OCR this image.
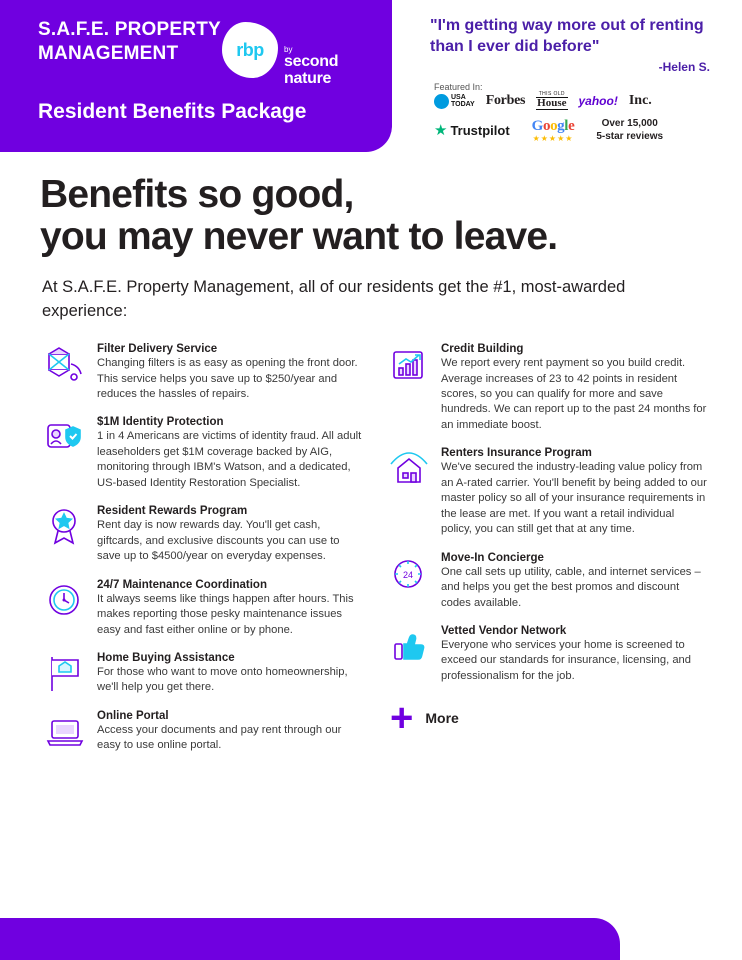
S.A.F.E. PROPERTY MANAGEMENT	rbp	by
second nature
Resident Benefits Package
"I'm getting way more out of renting than I ever did before"
-Helen S.
Featured In:
USA
TODAY Forbes	THIS OLD
House yahoo! Inc.
★ Trustpilot Google
★★★★★
Over 15,000
5-star reviews
Benefits so good,
you may never want to leave.
At S.A.F.E. Property Management, all of our residents get the #1, most-awarded experience:
Filter Delivery Service
Changing filters is as easy as opening the front door. This service helps you save up to $250/year and reduces the hassles of repairs.
$1M Identity Protection
1 in 4 Americans are victims of identity fraud. All adult leaseholders get $1M coverage backed by AIG, monitoring through IBM's Watson, and a dedicated, US-based Identity Restoration Specialist.
Resident Rewards Program
Rent day is now rewards day. You'll get cash, giftcards, and exclusive discounts you can use to save up to $4500/year on everyday expenses.
24/7 Maintenance Coordination
It always seems like things happen after hours. This makes reporting those pesky maintenance issues easy and fast either online or by phone.
Home Buying Assistance
For those who want to move onto homeownership, we'll help you get there.
Online Portal
Access your documents and pay rent through our easy to use online portal.
Credit Building
We report every rent payment so you build credit. Average increases of 23 to 42 points in resident scores, so you can qualify for more and save hundreds. We can report up to the past 24 months for an immediate boost.
Renters Insurance Program
We've secured the industry-leading value policy from an A-rated carrier. You'll benefit by being added to our master policy so all of your insurance requirements in the lease are met. If you want a retail individual policy, you can still get that at any time.
24
Move-In Concierge
One call sets up utility, cable, and internet services – and helps you get the best promos and discount codes available.
Vetted Vendor Network
Everyone who services your home is screened to exceed our standards for insurance, licensing, and professionalism for the job.
+ More
